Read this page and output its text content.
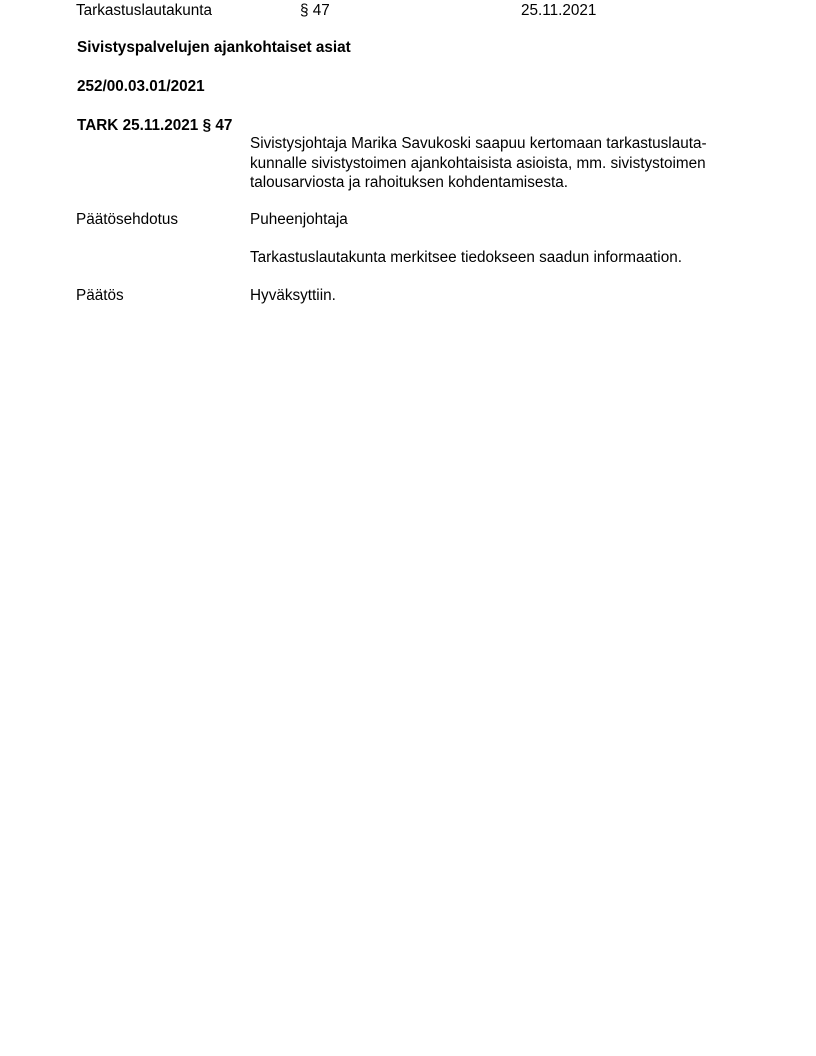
Tarkastuslautakunta	§ 47	25.11.2021
Sivistyspalvelujen ajankohtaiset asiat
252/00.03.01/2021
TARK 25.11.2021 § 47
Sivistysjohtaja Marika Savukoski saapuu kertomaan tarkastuslauta-
kunnalle sivistystoimen ajankohtaisista asioista, mm. sivistystoimen
talousarviosta ja rahoituksen kohdentamisesta.
Päätösehdotus	Puheenjohtaja
Tarkastuslautakunta merkitsee tiedokseen saadun informaation.
Päätös	Hyväksyttiin.
